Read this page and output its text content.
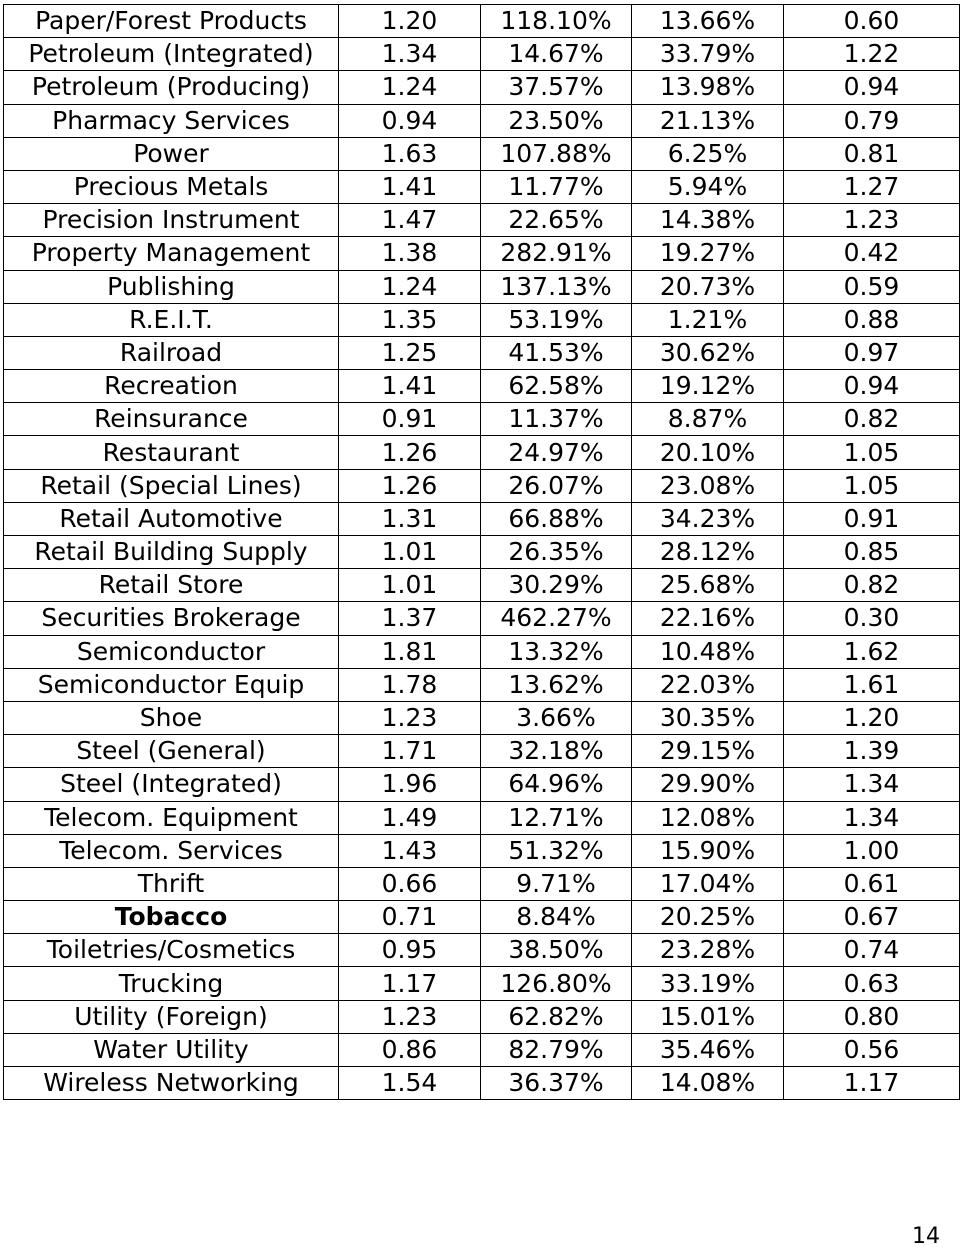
Paper/Forest Products	1.20	118.10%	13.66%	0.60
Petroleum (Integrated)	1.34	14.67%	33.79%	1.22
Petroleum (Producing)	1.24	37.57%	13.98%	0.94
Pharmacy Services	0.94	23.50%	21.13%	0.79
Power	1.63	107.88%	6.25%	0.81
Precious Metals	1.41	11.77%	5.94%	1.27
Precision Instrument	1.47	22.65%	14.38%	1.23
Property Management	1.38	282.91%	19.27%	0.42
Publishing	1.24	137.13%	20.73%	0.59
R.E.I.T.	1.35	53.19%	1.21%	0.88
Railroad	1.25	41.53%	30.62%	0.97
Recreation	1.41	62.58%	19.12%	0.94
Reinsurance	0.91	11.37%	8.87%	0.82
Restaurant	1.26	24.97%	20.10%	1.05
Retail (Special Lines)	1.26	26.07%	23.08%	1.05
Retail Automotive	1.31	66.88%	34.23%	0.91
Retail Building Supply	1.01	26.35%	28.12%	0.85
Retail Store	1.01	30.29%	25.68%	0.82
Securities Brokerage	1.37	462.27%	22.16%	0.30
Semiconductor	1.81	13.32%	10.48%	1.62
Semiconductor Equip	1.78	13.62%	22.03%	1.61
Shoe	1.23	3.66%	30.35%	1.20
Steel (General)	1.71	32.18%	29.15%	1.39
Steel (Integrated)	1.96	64.96%	29.90%	1.34
Telecom. Equipment	1.49	12.71%	12.08%	1.34
Telecom. Services	1.43	51.32%	15.90%	1.00
Thrift	0.66	9.71%	17.04%	0.61
Tobacco	0.71	8.84%	20.25%	0.67
Toiletries/Cosmetics	0.95	38.50%	23.28%	0.74
Trucking	1.17	126.80%	33.19%	0.63
Utility (Foreign)	1.23	62.82%	15.01%	0.80
Water Utility	0.86	82.79%	35.46%	0.56
Wireless Networking	1.54	36.37%	14.08%	1.17
14
